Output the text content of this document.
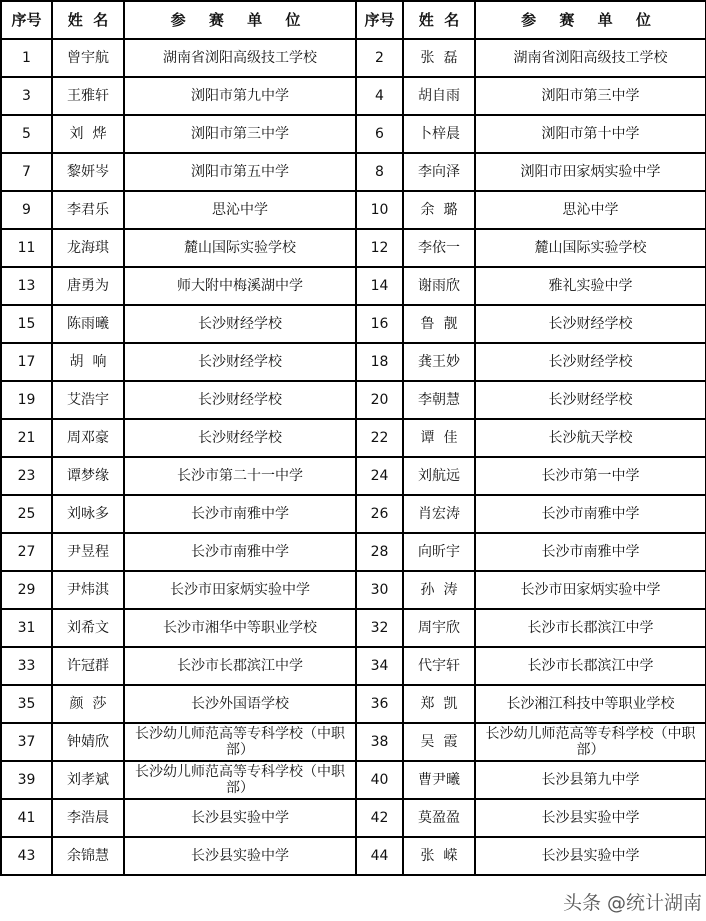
序号	姓  名	参 赛 单 位	序号	姓  名	参 赛 单 位
1	曾宇航	湖南省浏阳高级技工学校	2	张  磊	湖南省浏阳高级技工学校
3	王雅轩	浏阳市第九中学	4	胡自雨	浏阳市第三中学
5	刘  烨	浏阳市第三中学	6	卜梓晨	浏阳市第十中学
7	黎妍岑	浏阳市第五中学	8	李向泽	浏阳市田家炳实验中学
9	李君乐	思沁中学	10	余  璐	思沁中学
11	龙海琪	麓山国际实验学校	12	李依一	麓山国际实验学校
13	唐勇为	师大附中梅溪湖中学	14	谢雨欣	雅礼实验中学
15	陈雨曦	长沙财经学校	16	鲁  靓	长沙财经学校
17	胡  响	长沙财经学校	18	龚王妙	长沙财经学校
19	艾浩宇	长沙财经学校	20	李朝慧	长沙财经学校
21	周邓豪	长沙财经学校	22	谭  佳	长沙航天学校
23	谭梦缘	长沙市第二十一中学	24	刘航远	长沙市第一中学
25	刘咏多	长沙市南雅中学	26	肖宏涛	长沙市南雅中学
27	尹昱程	长沙市南雅中学	28	向昕宇	长沙市南雅中学
29	尹炜淇	长沙市田家炳实验中学	30	孙  涛	长沙市田家炳实验中学
31	刘希文	长沙市湘华中等职业学校	32	周宇欣	长沙市长郡滨江中学
33	许冠群	长沙市长郡滨江中学	34	代宇轩	长沙市长郡滨江中学
35	颜  莎	长沙外国语学校	36	郑  凯	长沙湘江科技中等职业学校
37	钟婧欣	长沙幼儿师范高等专科学校（中职部）	38	吴  霞	长沙幼儿师范高等专科学校（中职部）
39	刘孝斌	长沙幼儿师范高等专科学校（中职部）	40	曹尹曦	长沙县第九中学
41	李浩晨	长沙县实验中学	42	莫盈盈	长沙县实验中学
43	余锦慧	长沙县实验中学	44	张  嵘	长沙县实验中学
头条 @统计湖南
